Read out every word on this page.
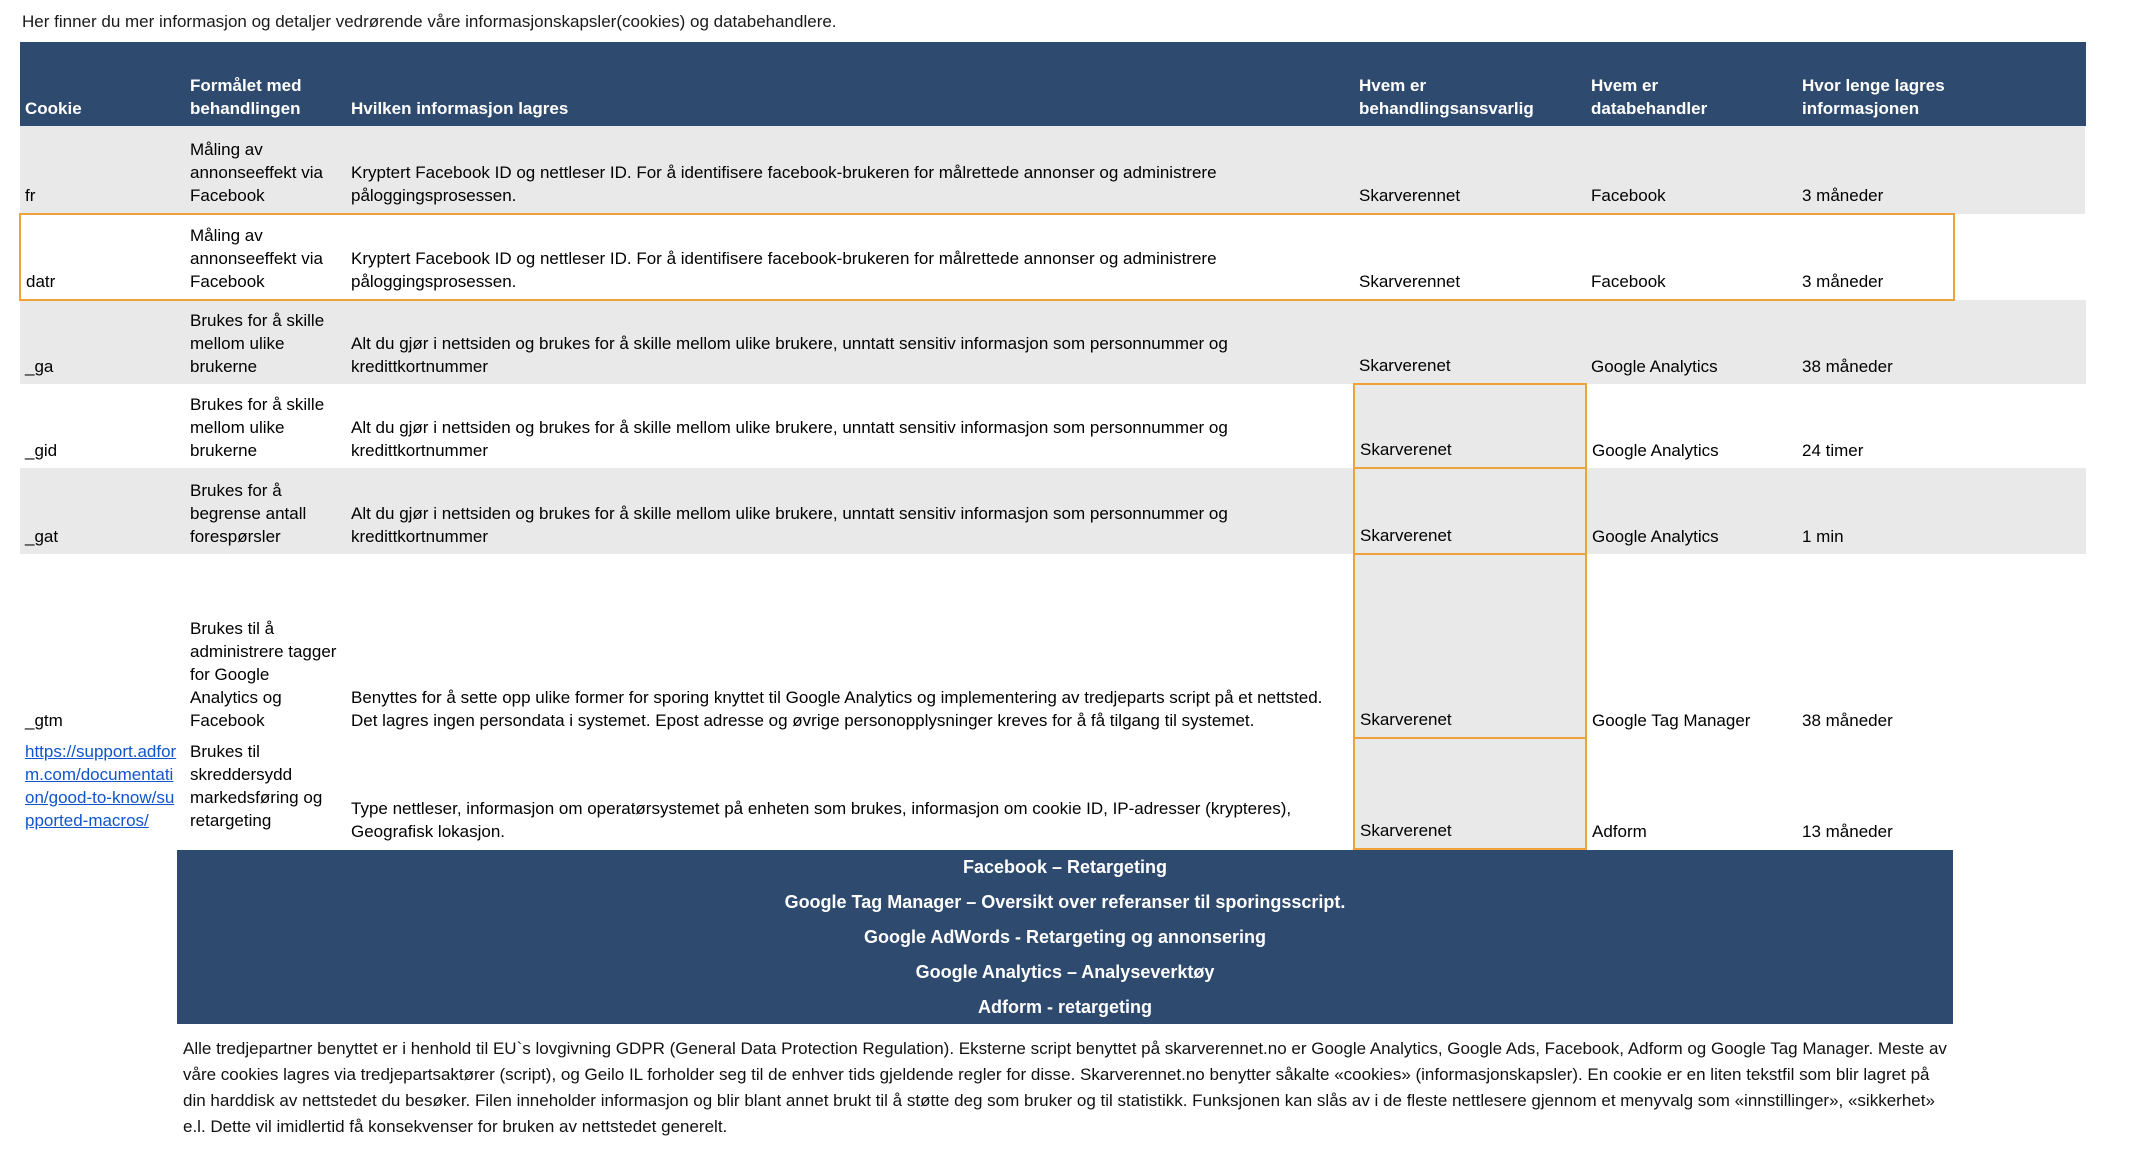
Her finner du mer informasjon og detaljer vedrørende våre informasjonskapsler(cookies) og databehandlere.

Cookie	Formålet med behandlingen	Hvilken informasjon lagres	Hvem er behandlingsansvarlig	Hvem er databehandler	Hvor lenge lagres informasjonen	
fr	Måling av annonseeffekt via Facebook	Kryptert Facebook ID og nettleser ID. For å identifisere facebook-brukeren for målrettede annonser og administrere påloggingsprosessen.	Skarverennet	Facebook	3 måneder	
datr	Måling av annonseeffekt via Facebook	Kryptert Facebook ID og nettleser ID. For å identifisere facebook-brukeren for målrettede annonser og administrere påloggingsprosessen.	Skarverennet	Facebook	3 måneder	
_ga	Brukes for å skille mellom ulike brukerne	Alt du gjør i nettsiden og brukes for å skille mellom ulike brukere, unntatt sensitiv informasjon som personnummer og kredittkortnummer	Skarverenet	Google Analytics	38 måneder	
_gid	Brukes for å skille mellom ulike brukerne	Alt du gjør i nettsiden og brukes for å skille mellom ulike brukere, unntatt sensitiv informasjon som personnummer og kredittkortnummer	Skarverenet	Google Analytics	24 timer	
_gat	Brukes for å begrense antall forespørsler	Alt du gjør i nettsiden og brukes for å skille mellom ulike brukere, unntatt sensitiv informasjon som personnummer og kredittkortnummer	Skarverenet	Google Analytics	1 min	
_gtm	Brukes til å administrere tagger for Google Analytics og Facebook	Benyttes for å sette opp ulike former for sporing knyttet til Google Analytics og implementering av tredjeparts script på et nettsted. Det lagres ingen persondata i systemet. Epost adresse og øvrige personopplysninger kreves for å få tilgang til systemet.	Skarverenet	Google Tag Manager	38 måneder	

https://support.adform.com/documentation/good-to-know/supported-macros/	Brukes til skreddersydd markedsføring og retargeting	Type nettleser, informasjon om operatørsystemet på enheten som brukes, informasjon om cookie ID, IP-adresser (krypteres), Geografisk lokasjon.	Skarverenet	Adform	13 måneder	
Facebook – Retargeting
Google Tag Manager – Oversikt over referanser til sporingsscript.
Google AdWords - Retargeting og annonsering
Google Analytics – Analyseverktøy
Adform - retargeting

Alle tredjepartner benyttet er i henhold til EU`s lovgivning GDPR (General Data Protection Regulation). Eksterne script benyttet på skarverennet.no er Google Analytics, Google Ads, Facebook, Adform og Google Tag Manager. Meste av våre cookies lagres via tredjepartsaktører (script), og Geilo IL forholder seg til de enhver tids gjeldende regler for disse. Skarverennet.no benytter såkalte «cookies» (informasjonskapsler). En cookie er en liten tekstfil som blir lagret på din harddisk av nettstedet du besøker. Filen inneholder informasjon og blir blant annet brukt til å støtte deg som bruker og til statistikk. Funksjonen kan slås av i de fleste nettlesere gjennom et menyvalg som «innstillinger», «sikkerhet» e.l. Dette vil imidlertid få konsekvenser for bruken av nettstedet generelt.
